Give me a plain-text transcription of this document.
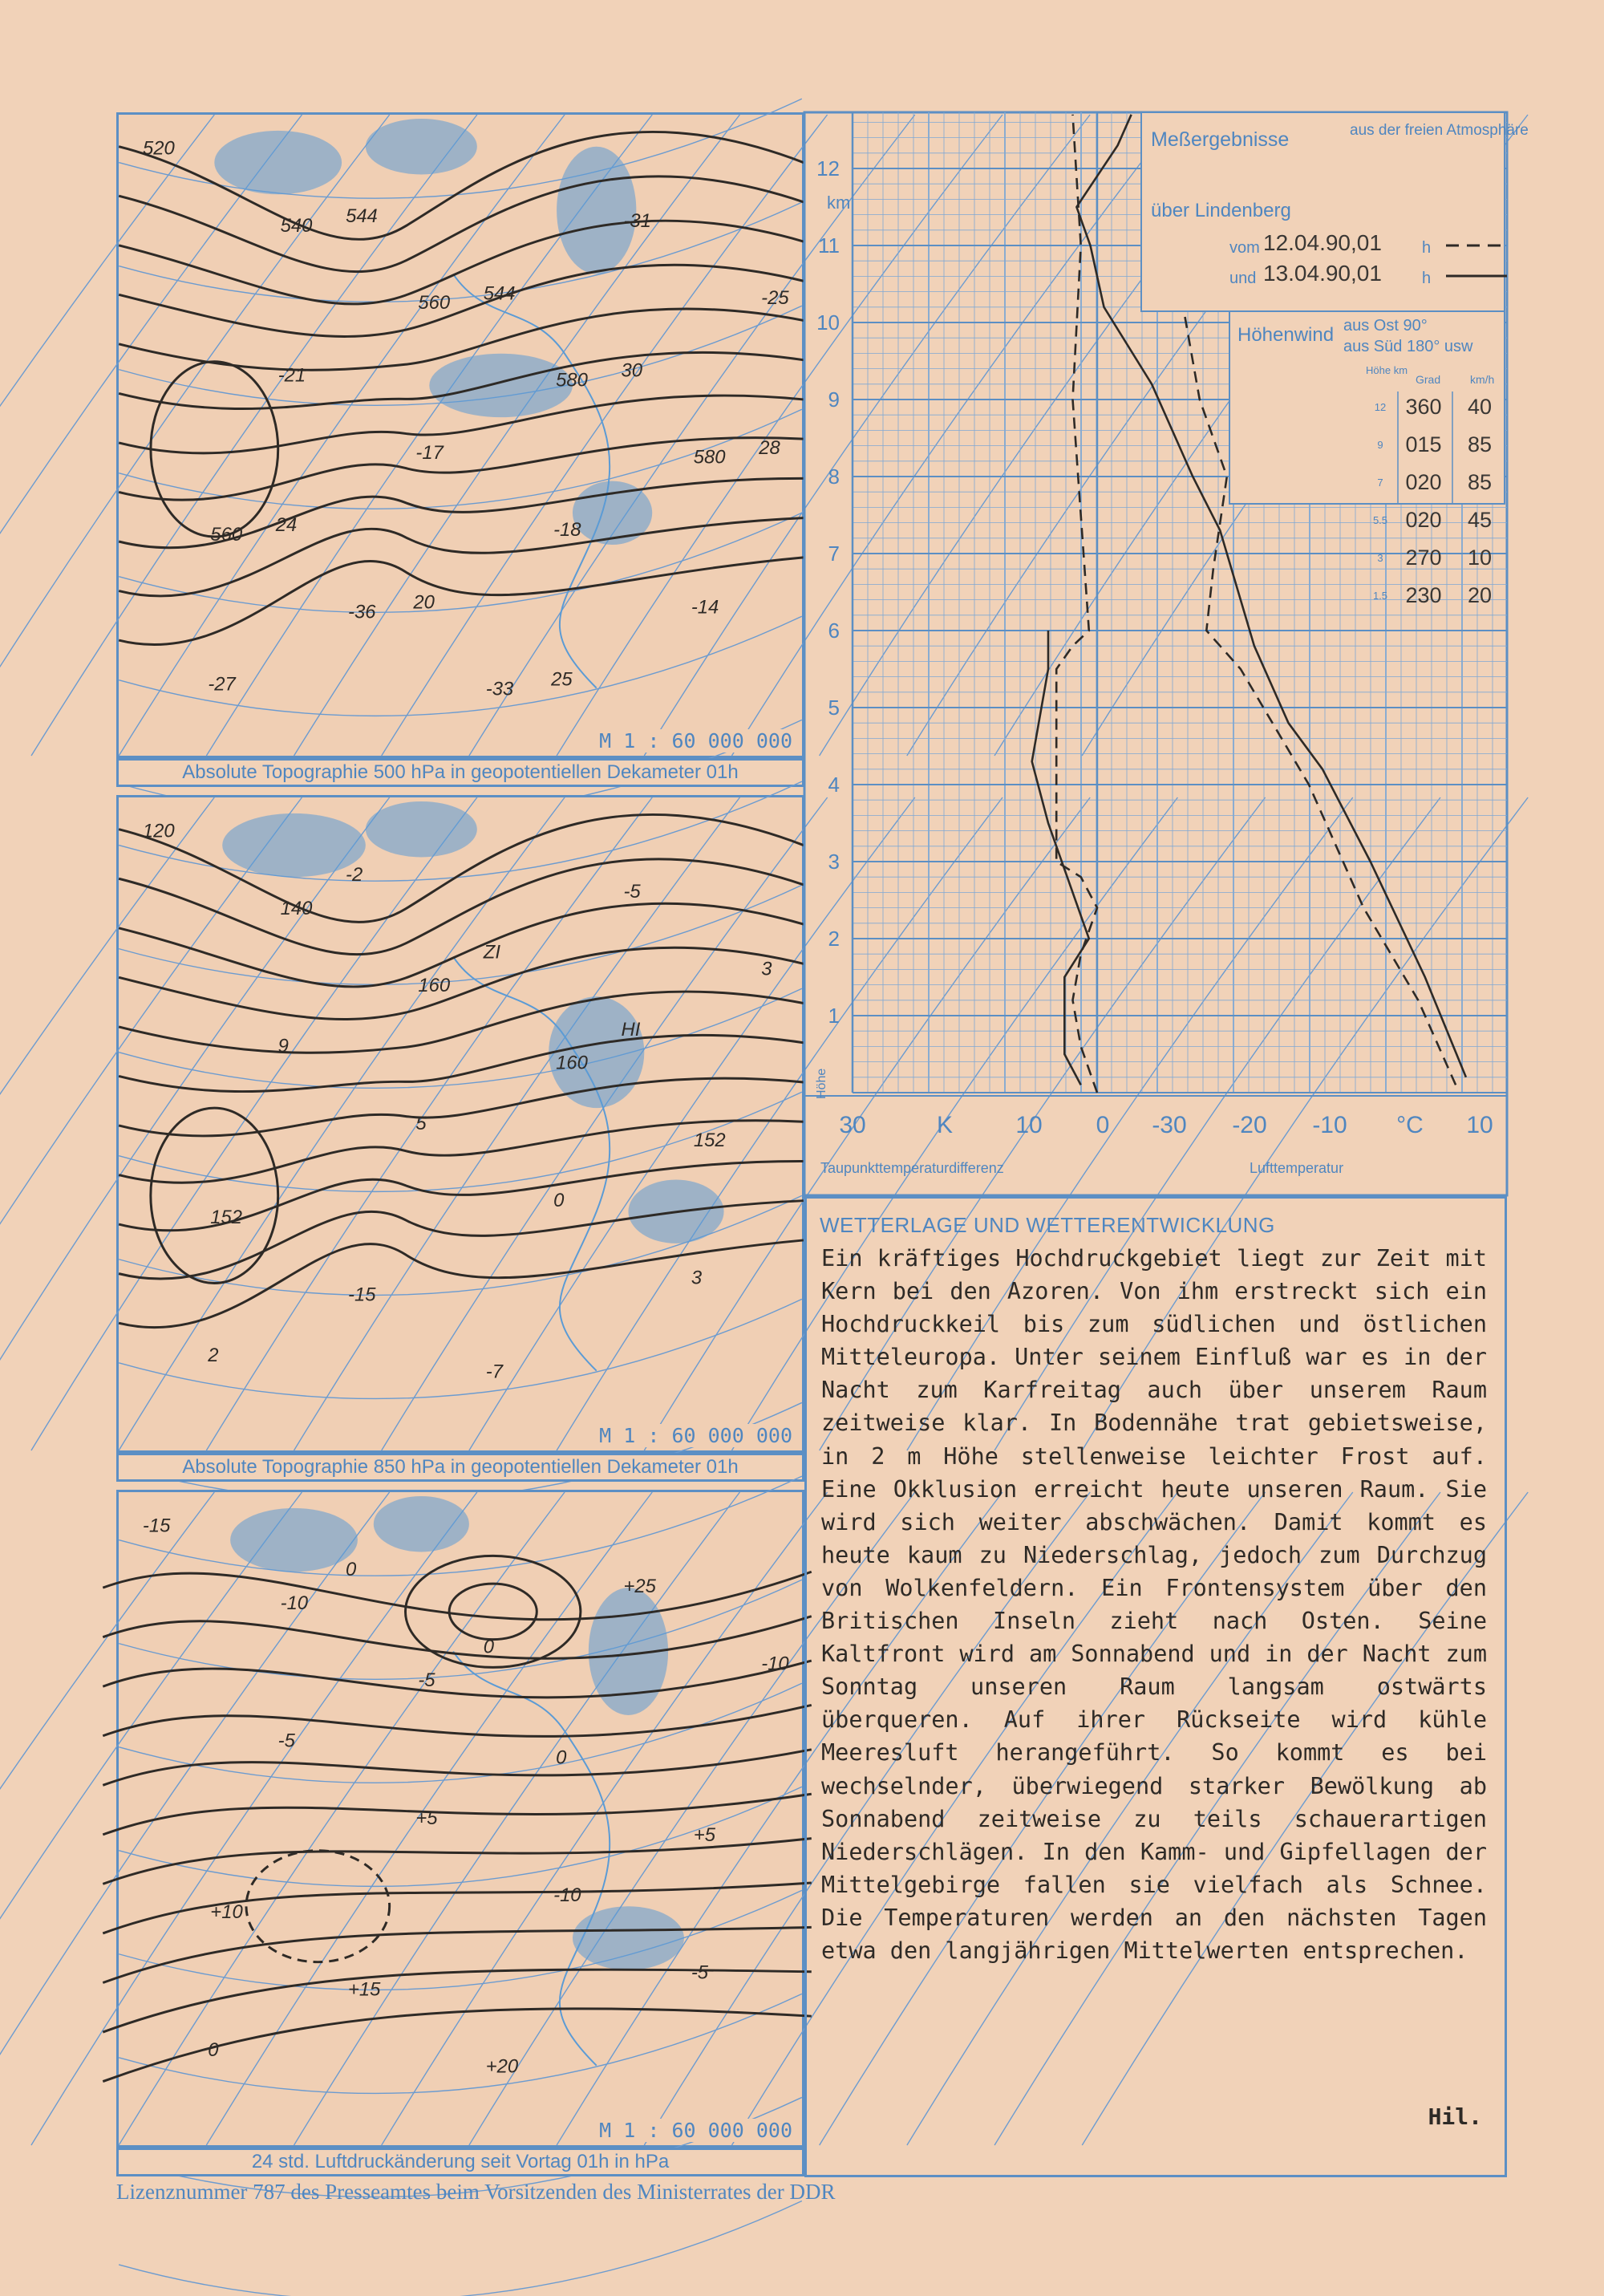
520
540
560
580
580
560
-36
-33
-31
-25
-21
-17
-18
-14
-27
544
544
30
28
24
20
25
M 1 : 60 000 000
Absolute Topographie 500 hPa in geopotentiellen Dekameter 01h
120
140
160
160
152
152
-15
-7
-5
3
9
5
0
3
2
-2
ZI
HI
M 1 : 60 000 000
Absolute Topographie 850 hPa in geopotentiellen Dekameter 01h
-15
-10
-5
0
+5
+10
+15
+20
+25
-10
-5
+5
-10
-5
0
0
0
M 1 : 60 000 000
24 std. Luftdruckänderung seit Vortag 01h in hPa
12
11
10
9
8
7
6
5
4
3
2
1
30	K	10 0 -30 -20 -10 °C 10
Meßergebnisse	aus der freien Atmosphäre
über Lindenberg
vom 12.04.90,01	h
und 13.04.90,01	h
Höhenwind aus Ost 90°
aus Süd 180° usw
Höhe km
Grad	km/h
12 360 40
9 015 85
7 020 85
5.5 020 45
3 270 10
1.5 230 20
Taupunkttemperaturdifferenz	Lufttemperatur
km
Höhe
WETTERLAGE UND WETTERENTWICKLUNG
Ein kräftiges Hochdruckgebiet liegt zur Zeit mit Kern bei den Azoren. Von ihm erstreckt sich ein Hochdruckkeil bis zum südlichen und östlichen Mitteleuropa. Unter seinem Einfluß war es in der Nacht zum Karfreitag auch über unserem Raum zeitweise klar. In Bodennähe trat gebietsweise, in 2 m Höhe stellenweise leichter Frost auf. Eine Okklusion erreicht heute unseren Raum. Sie wird sich weiter abschwächen. Damit kommt es heute kaum zu Niederschlag, jedoch zum Durchzug von Wolkenfeldern. Ein Frontensystem über den Britischen Inseln zieht nach Osten. Seine Kaltfront wird am Sonnabend und in der Nacht zum Sonntag unseren Raum langsam ostwärts überqueren. Auf ihrer Rückseite wird kühle Meeresluft herangeführt. So kommt es bei wechselnder, überwiegend starker Bewölkung ab Sonnabend zeitweise zu teils schauerartigen Niederschlägen. In den Kamm- und Gipfellagen der Mittelgebirge fallen sie vielfach als Schnee. Die Temperaturen werden an den nächsten Tagen etwa den langjährigen Mittelwerten entsprechen.
Hil.
Lizenznummer 787 des Presseamtes beim Vorsitzenden des Ministerrates der DDR
